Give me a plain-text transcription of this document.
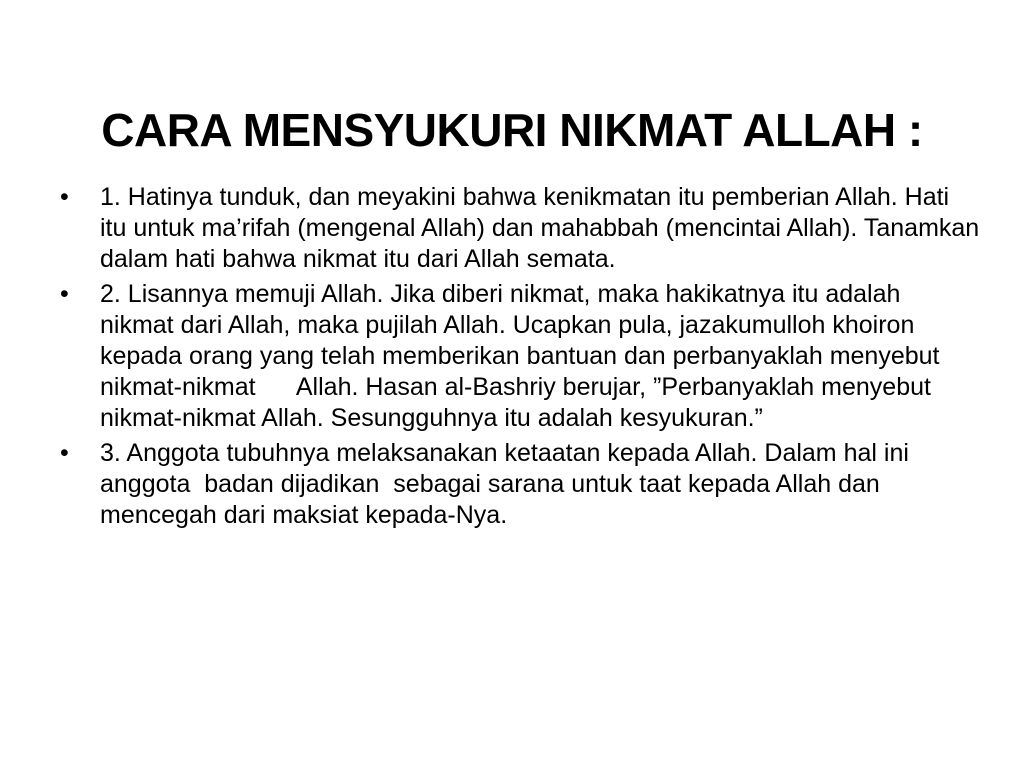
CARA MENSYUKURI NIKMAT ALLAH :
• 1. Hatinya tunduk, dan meyakini bahwa kenikmatan itu pemberian Allah. Hati itu untuk ma’rifah (mengenal Allah) dan mahabbah (mencintai Allah). Tanamkan dalam hati bahwa nikmat itu dari Allah semata.
• 2. Lisannya memuji Allah. Jika diberi nikmat, maka hakikatnya itu adalah nikmat dari Allah, maka pujilah Allah. Ucapkan pula, jazakumulloh khoiron  kepada orang yang telah memberikan bantuan dan perbanyaklah menyebut nikmat-nikmat      Allah. Hasan al-Bashriy berujar, ”Perbanyaklah menyebut nikmat-nikmat Allah. Sesungguhnya itu adalah kesyukuran.”
• 3. Anggota tubuhnya melaksanakan ketaatan kepada Allah. Dalam hal ini anggota  badan dijadikan  sebagai sarana untuk taat kepada Allah dan mencegah dari maksiat kepada-Nya.
